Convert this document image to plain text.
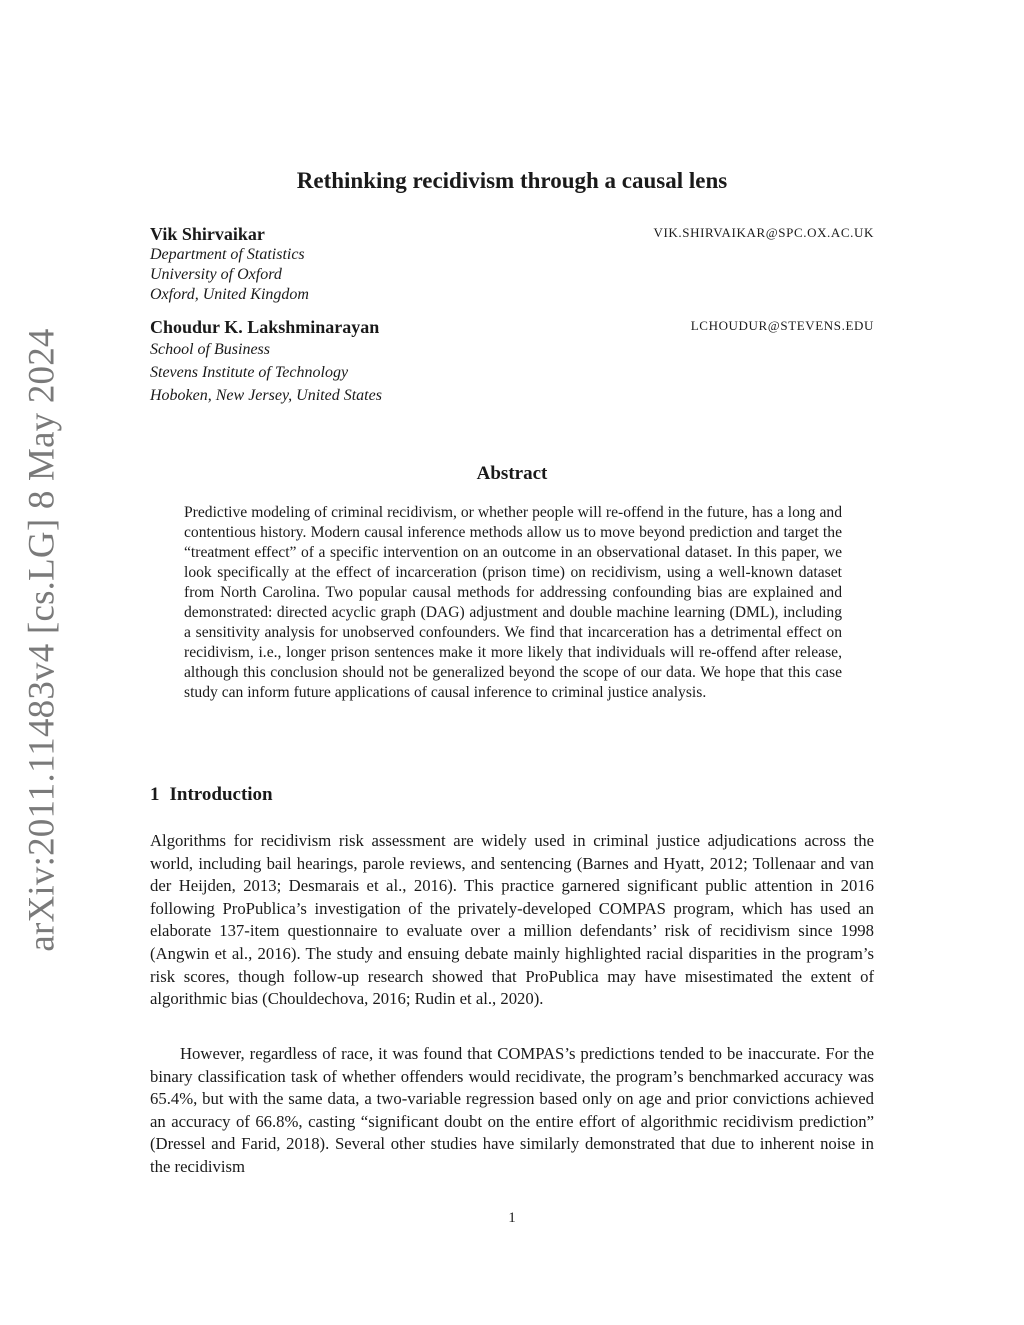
arXiv:2011.11483v4 [cs.LG] 8 May 2024
Rethinking recidivism through a causal lens
Vik Shirvaikar	VIK.SHIRVAIKAR@SPC.OX.AC.UK
Department of Statistics
University of Oxford
Oxford, United Kingdom
Choudur K. Lakshminarayan	LCHOUDUR@STEVENS.EDU
School of Business
Stevens Institute of Technology
Hoboken, New Jersey, United States
Abstract
Predictive modeling of criminal recidivism, or whether people will re-offend in the future, has a long and contentious history. Modern causal inference methods allow us to move beyond prediction and target the “treatment effect” of a specific intervention on an outcome in an observational dataset. In this paper, we look specifically at the effect of incarceration (prison time) on recidivism, using a well-known dataset from North Carolina. Two popular causal methods for addressing confounding bias are explained and demonstrated: directed acyclic graph (DAG) adjustment and double machine learning (DML), including a sensitivity analysis for unobserved confounders. We find that incarceration has a detrimental effect on recidivism, i.e., longer prison sentences make it more likely that individuals will re-offend after release, although this conclusion should not be generalized beyond the scope of our data. We hope that this case study can inform future applications of causal inference to criminal justice analysis.
1 Introduction
Algorithms for recidivism risk assessment are widely used in criminal justice adjudications across the world, including bail hearings, parole reviews, and sentencing (Barnes and Hyatt, 2012; Tollenaar and van der Heijden, 2013; Desmarais et al., 2016). This practice garnered significant public attention in 2016 following ProPublica’s investigation of the privately-developed COMPAS program, which has used an elaborate 137-item questionnaire to evaluate over a million defendants’ risk of recidivism since 1998 (Angwin et al., 2016). The study and ensuing debate mainly highlighted racial disparities in the program’s risk scores, though follow-up research showed that ProPublica may have misestimated the extent of algorithmic bias (Chouldechova, 2016; Rudin et al., 2020).
However, regardless of race, it was found that COMPAS’s predictions tended to be inaccurate. For the binary classification task of whether offenders would recidivate, the program’s benchmarked accuracy was 65.4%, but with the same data, a two-variable regression based only on age and prior convictions achieved an accuracy of 66.8%, casting “significant doubt on the entire effort of algorithmic recidivism prediction” (Dressel and Farid, 2018). Several other studies have similarly demonstrated that due to inherent noise in the recidivism
1
